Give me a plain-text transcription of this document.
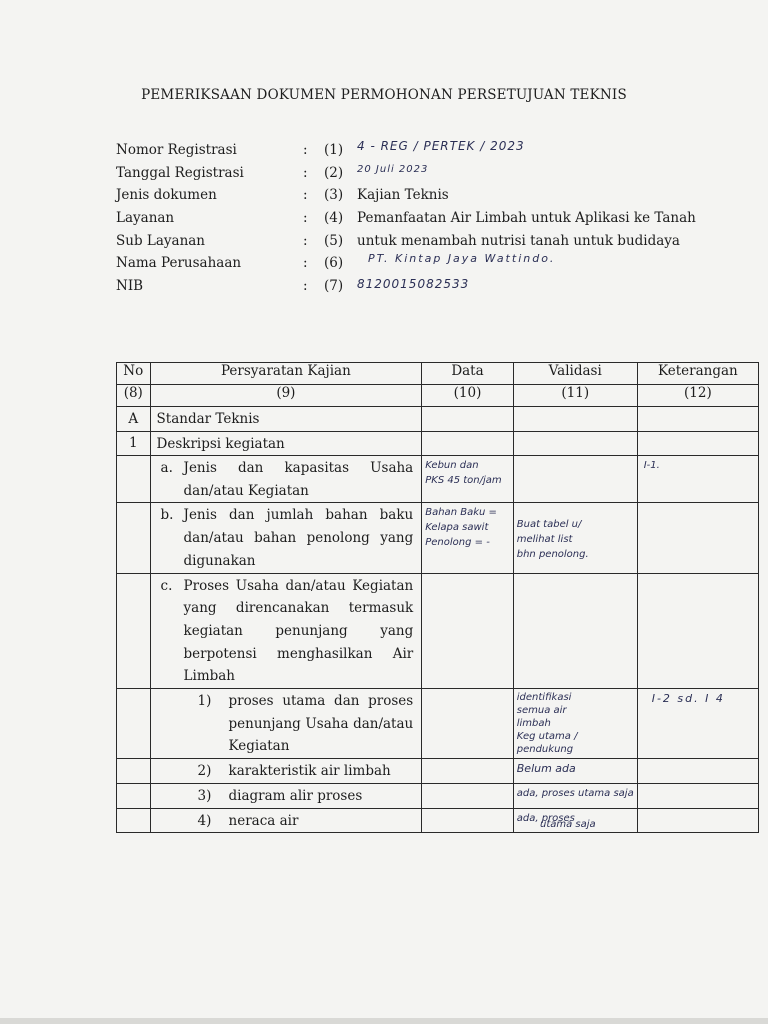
PEMERIKSAAN DOKUMEN PERMOHONAN PERSETUJUAN TEKNIS
Nomor Registrasi	: (1) 4 - REG / PERTEK / 2023
Tanggal Registrasi	: (2) 20 Juli 2023
Jenis dokumen	: (3) Kajian Teknis
Layanan	: (4) Pemanfaatan Air Limbah untuk Aplikasi ke Tanah
Sub Layanan	: (5) untuk menambah nutrisi tanah untuk budidaya
Nama Perusahaan	: (6) PT. Kintap Jaya Wattindo.
NIB	: (7) 8120015082533
No	Persyaratan Kajian	Data	Validasi	Keterangan
(8)	(9)	(10)	(11)	(12)
A	Standar Teknis			

1	Deskripsi kegiatan			

	a. Jenis dan kapasitas Usaha dan/atau Kegiatan	Kebun dan
PKS 45 ton/jam		I-1.

	b. Jenis dan jumlah bahan baku dan/atau bahan penolong yang digunakan	Bahan Baku =
Kelapa sawit
Penolong = -	Buat tabel u/
melihat list
bhn penolong.	

	c. Proses Usaha dan/atau Kegiatan yang direncanakan termasuk kegiatan penunjang yang berpotensi menghasilkan Air Limbah			

	1) proses utama dan proses penunjang Usaha dan/atau Kegiatan		identifikasi
semua air
limbah
Keg utama / pendukung	I-2 sd. I 4

	2) karakteristik air limbah		Belum ada	

	3) diagram alir proses		ada, proses utama saja	

	4) neraca air		ada, proses	

utama saja
